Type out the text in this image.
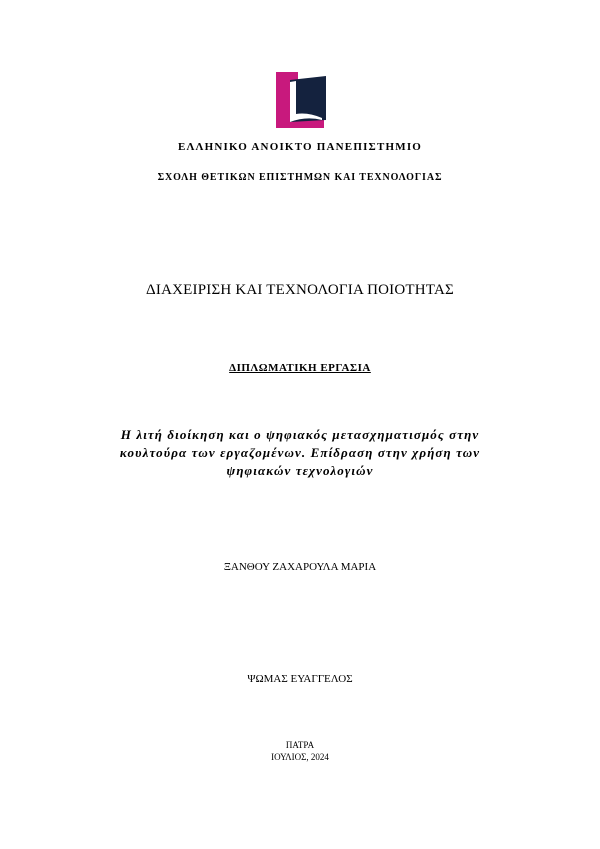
ΕΛΛΗΝΙΚΟ ΑΝΟΙΚΤΟ ΠΑΝΕΠΙΣΤΗΜΙΟ

ΣΧΟΛΗ ΘΕΤΙΚΩΝ ΕΠΙΣΤΗΜΩΝ ΚΑΙ ΤΕΧΝΟΛΟΓΙΑΣ

ΔΙΑΧΕΙΡΙΣΗ ΚΑΙ ΤΕΧΝΟΛΟΓΙΑ ΠΟΙΟΤΗΤΑΣ

ΔΙΠΛΩΜΑΤΙΚΗ ΕΡΓΑΣΙΑ

Η λιτή διοίκηση και ο ψηφιακός μετασχηματισμός στην
κουλτούρα των εργαζομένων. Επίδραση στην χρήση των
ψηφιακών τεχνολογιών

ΞΑΝΘΟΥ ΖΑΧΑΡΟΥΛΑ ΜΑΡΙΑ

ΨΩΜΑΣ ΕΥΑΓΓΕΛΟΣ

ΠΑΤΡΑ

ΙΟΥΛΙΟΣ, 2024
